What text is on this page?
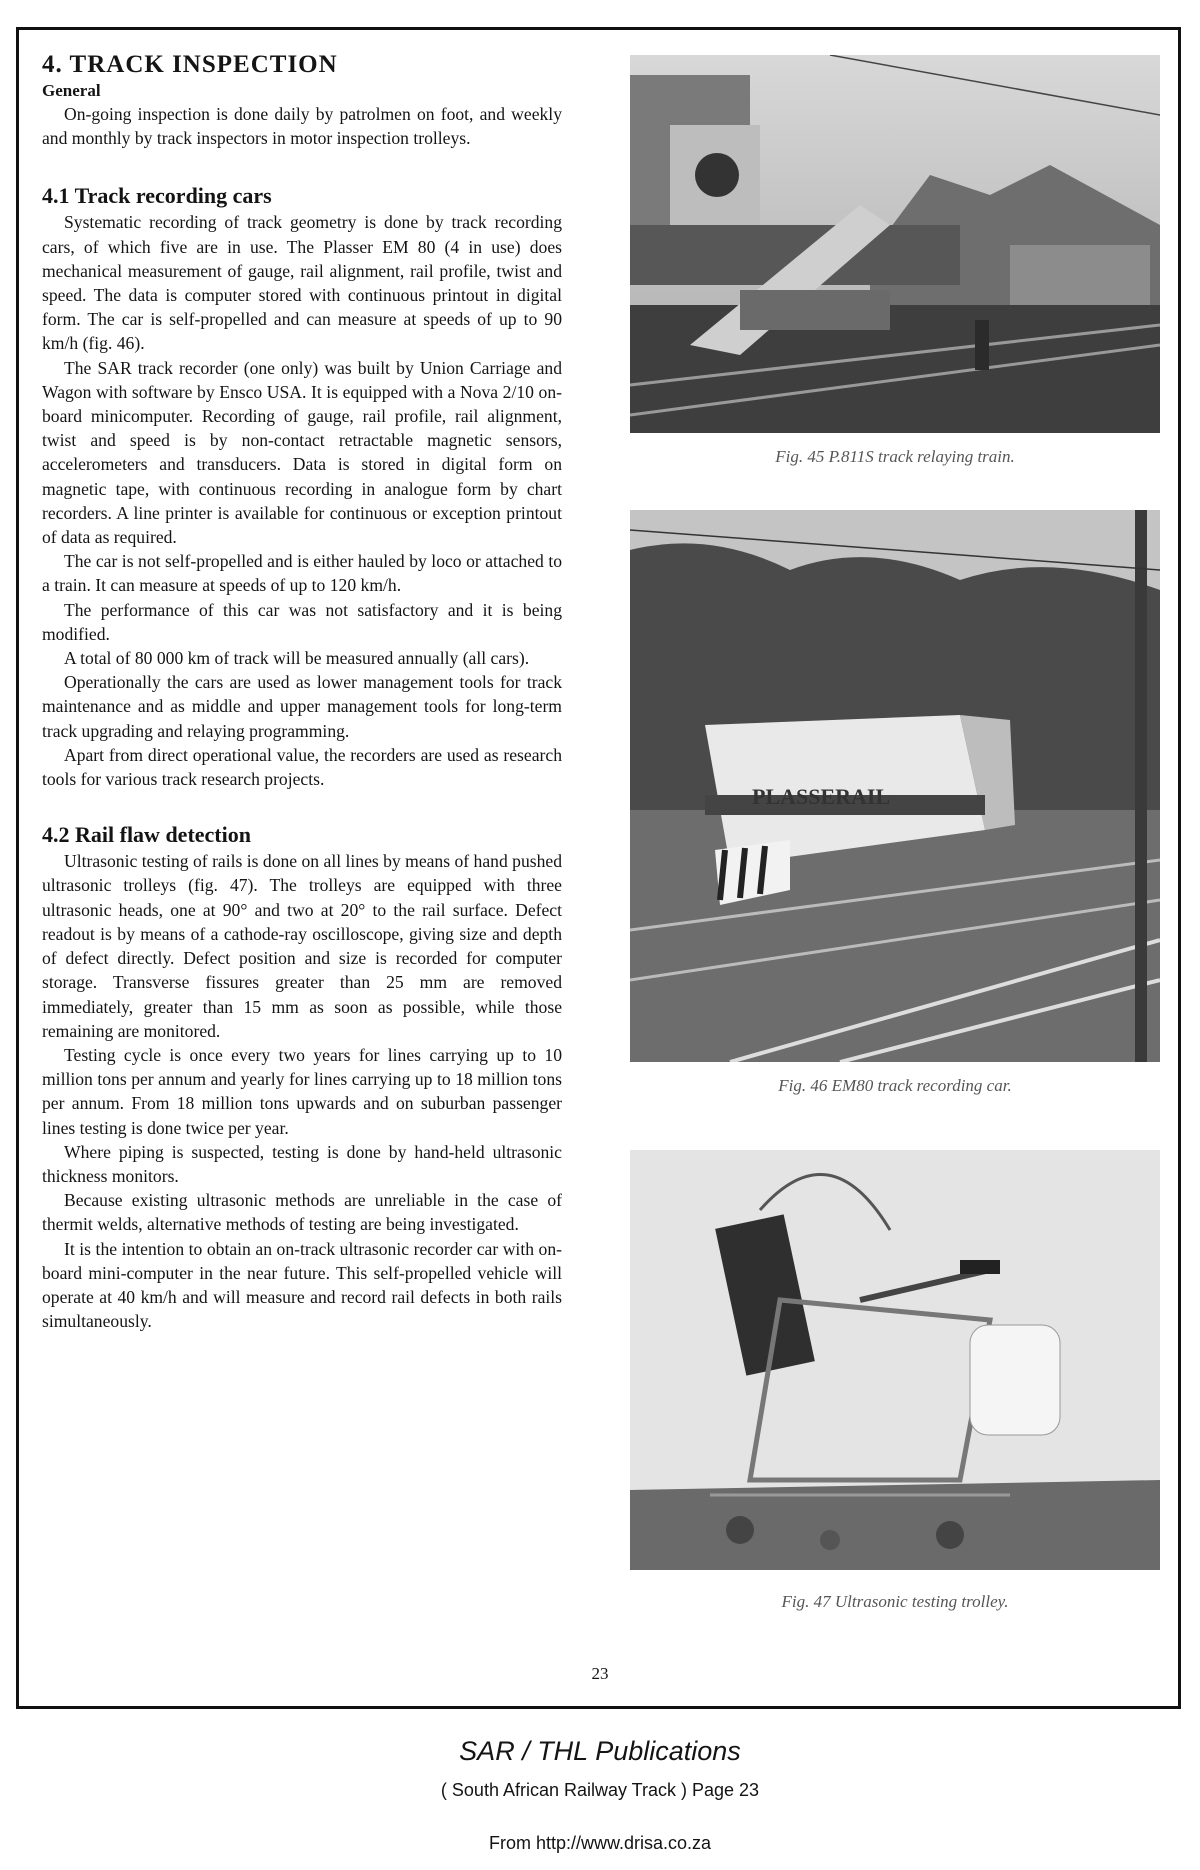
4. TRACK INSPECTION
General

On-going inspection is done daily by patrolmen on foot, and weekly and monthly by track inspectors in motor inspection trolleys.

4.1 Track recording cars

Systematic recording of track geometry is done by track recording cars, of which five are in use. The Plasser EM 80 (4 in use) does mechanical measurement of gauge, rail alignment, rail profile, twist and speed. The data is computer stored with continuous printout in digital form. The car is self-propelled and can measure at speeds of up to 90 km/h (fig. 46).

The SAR track recorder (one only) was built by Union Carriage and Wagon with software by Ensco USA. It is equipped with a Nova 2/10 on-board minicomputer. Recording of gauge, rail profile, rail alignment, twist and speed is by non-contact retractable magnetic sensors, accelerometers and transducers. Data is stored in digital form on magnetic tape, with continuous recording in analogue form by chart recorders. A line printer is available for continuous or exception printout of data as required.

The car is not self-propelled and is either hauled by loco or attached to a train. It can measure at speeds of up to 120 km/h.

The performance of this car was not satisfactory and it is being modified.

A total of 80 000 km of track will be measured annually (all cars).

Operationally the cars are used as lower management tools for track maintenance and as middle and upper management tools for long-term track upgrading and relaying programming.

Apart from direct operational value, the recorders are used as research tools for various track research projects.

4.2 Rail flaw detection

Ultrasonic testing of rails is done on all lines by means of hand pushed ultrasonic trolleys (fig. 47). The trolleys are equipped with three ultrasonic heads, one at 90° and two at 20° to the rail surface. Defect readout is by means of a cathode-ray oscilloscope, giving size and depth of defect directly. Defect position and size is recorded for computer storage. Transverse fissures greater than 25 mm are removed immediately, greater than 15 mm as soon as possible, while those remaining are monitored.

Testing cycle is once every two years for lines carrying up to 10 million tons per annum and yearly for lines carrying up to 18 million tons per annum. From 18 million tons upwards and on suburban passenger lines testing is done twice per year.

Where piping is suspected, testing is done by hand-held ultrasonic thickness monitors.

Because existing ultrasonic methods are unreliable in the case of thermit welds, alternative methods of testing are being investigated.

It is the intention to obtain an on-track ultrasonic recorder car with on-board mini-computer in the near future. This self-propelled vehicle will operate at 40 km/h and will measure and record rail defects in both rails simultaneously.

Fig. 45 P.811S track relaying train.
PLASSERAIL
Fig. 46 EM80 track recording car.
Fig. 47 Ultrasonic testing trolley.
23
SAR / THL Publications
( South African Railway Track ) Page 23
From http://www.drisa.co.za
